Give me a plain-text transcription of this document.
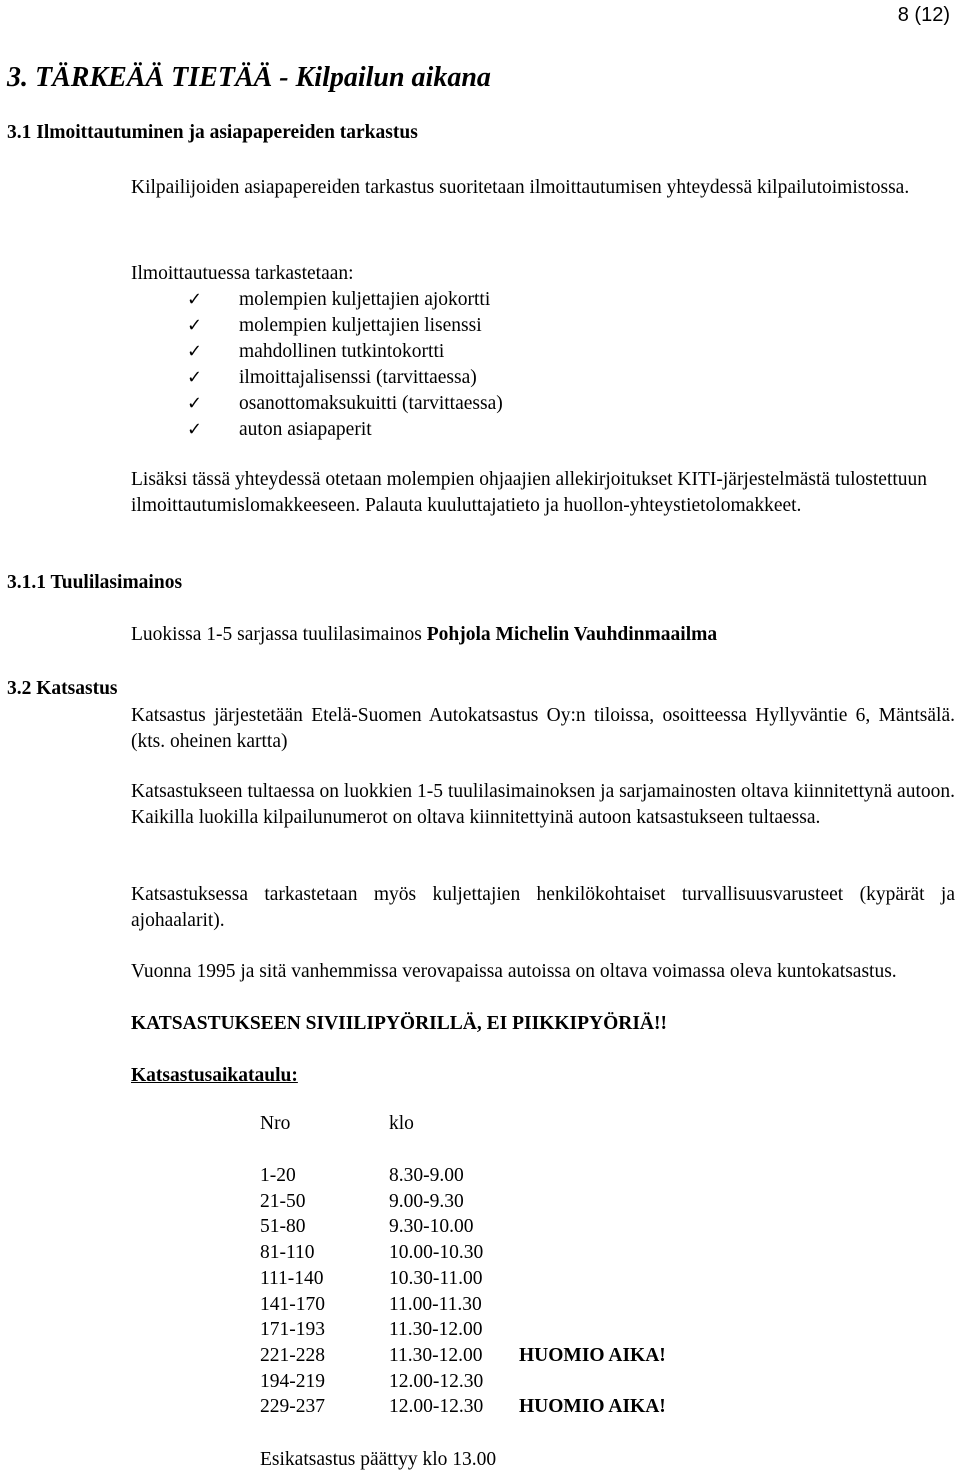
8 (12)
3. TÄRKEÄÄ TIETÄÄ - Kilpailun aikana
3.1 Ilmoittautuminen ja asiapapereiden tarkastus
Kilpailijoiden asiapapereiden tarkastus suoritetaan ilmoittautumisen yhteydessä kilpailutoimistossa.
Ilmoittautuessa tarkastetaan:
✓ molempien kuljettajien ajokortti
✓ molempien kuljettajien lisenssi
✓ mahdollinen tutkintokortti
✓ ilmoittajalisenssi (tarvittaessa)
✓ osanottomaksukuitti (tarvittaessa)
✓ auton asiapaperit
Lisäksi tässä yhteydessä otetaan molempien ohjaajien allekirjoitukset KITI-järjestelmästä tulostettuun ilmoittautumislomakkeeseen. Palauta kuuluttajatieto ja huollon-yhteystietolomakkeet.
3.1.1 Tuulilasimainos
Luokissa 1-5 sarjassa tuulilasimainos Pohjola Michelin Vauhdinmaailma
3.2 Katsastus
Katsastus järjestetään Etelä-Suomen Autokatsastus Oy:n tiloissa, osoitteessa Hyllyväntie 6, Mäntsälä. (kts. oheinen kartta)
Katsastukseen tultaessa on luokkien 1-5 tuulilasimainoksen ja sarjamainosten oltava kiinnitettynä autoon. Kaikilla luokilla kilpailunumerot on oltava kiinnitettyinä autoon katsastukseen tultaessa.
Katsastuksessa tarkastetaan myös kuljettajien henkilökohtaiset turvallisuusvarusteet (kypärät ja ajohaalarit).
Vuonna 1995 ja sitä vanhemmissa verovapaissa autoissa on oltava voimassa oleva kuntokatsastus.
KATSASTUKSEEN SIVIILIPYÖRILLÄ, EI PIIKKIPYÖRIÄ!!
Katsastusaikataulu:
Nro	klo	
1-20	8.30-9.00	
21-50	9.00-9.30	
51-80	9.30-10.00	
81-110	10.00-10.30	
111-140	10.30-11.00	
141-170	11.00-11.30	
171-193	11.30-12.00	
221-228	11.30-12.00	HUOMIO AIKA!
194-219	12.00-12.30	
229-237	12.00-12.30	HUOMIO AIKA!
Esikatsastus päättyy klo 13.00
